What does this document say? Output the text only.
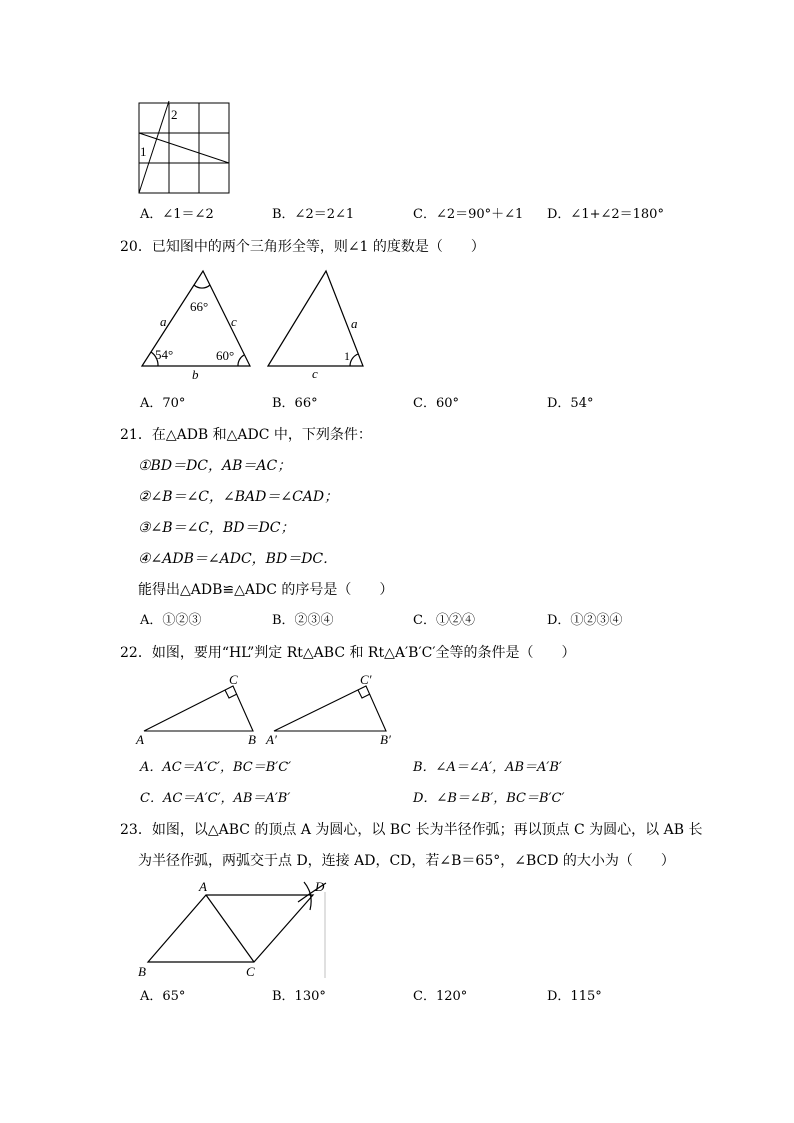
2
1
A．∠1＝∠2	B．∠2＝2∠1	C．∠2＝90°＋∠1 D．∠1+∠2＝180°
20．已知图中的两个三角形全等，则∠1 的度数是（　　）
66°
54°	60°
a	c
b
a
c
1
A．70°	B．66°	C．60°	D．54°
21．在△ADB 和△ADC 中，下列条件：
①BD＝DC，AB＝AC；
②∠B＝∠C，∠BAD＝∠CAD；
③∠B＝∠C，BD＝DC；
④∠ADB＝∠ADC，BD＝DC．
能得出△ADB≌△ADC 的序号是（　　）
A．①②③	B．②③④	C．①②④	D．①②③④
22．如图，要用“HL”判定 Rt△ABC 和 Rt△A′B′C′全等的条件是（　　）
C
A	B
C′
A′	B′
A．AC＝A′C′，BC＝B′C′	B．∠A＝∠A′，AB＝A′B′
C．AC＝A′C′，AB＝A′B′	D．∠B＝∠B′，BC＝B′C′
23．如图，以△ABC 的顶点 A 为圆心，以 BC 长为半径作弧；再以顶点 C 为圆心，以 AB 长
为半径作弧，两弧交于点 D，连接 AD，CD，若∠B＝65°，∠BCD 的大小为（　　）
A	D
B	C
A．65°	B．130°	C．120°	D．115°
